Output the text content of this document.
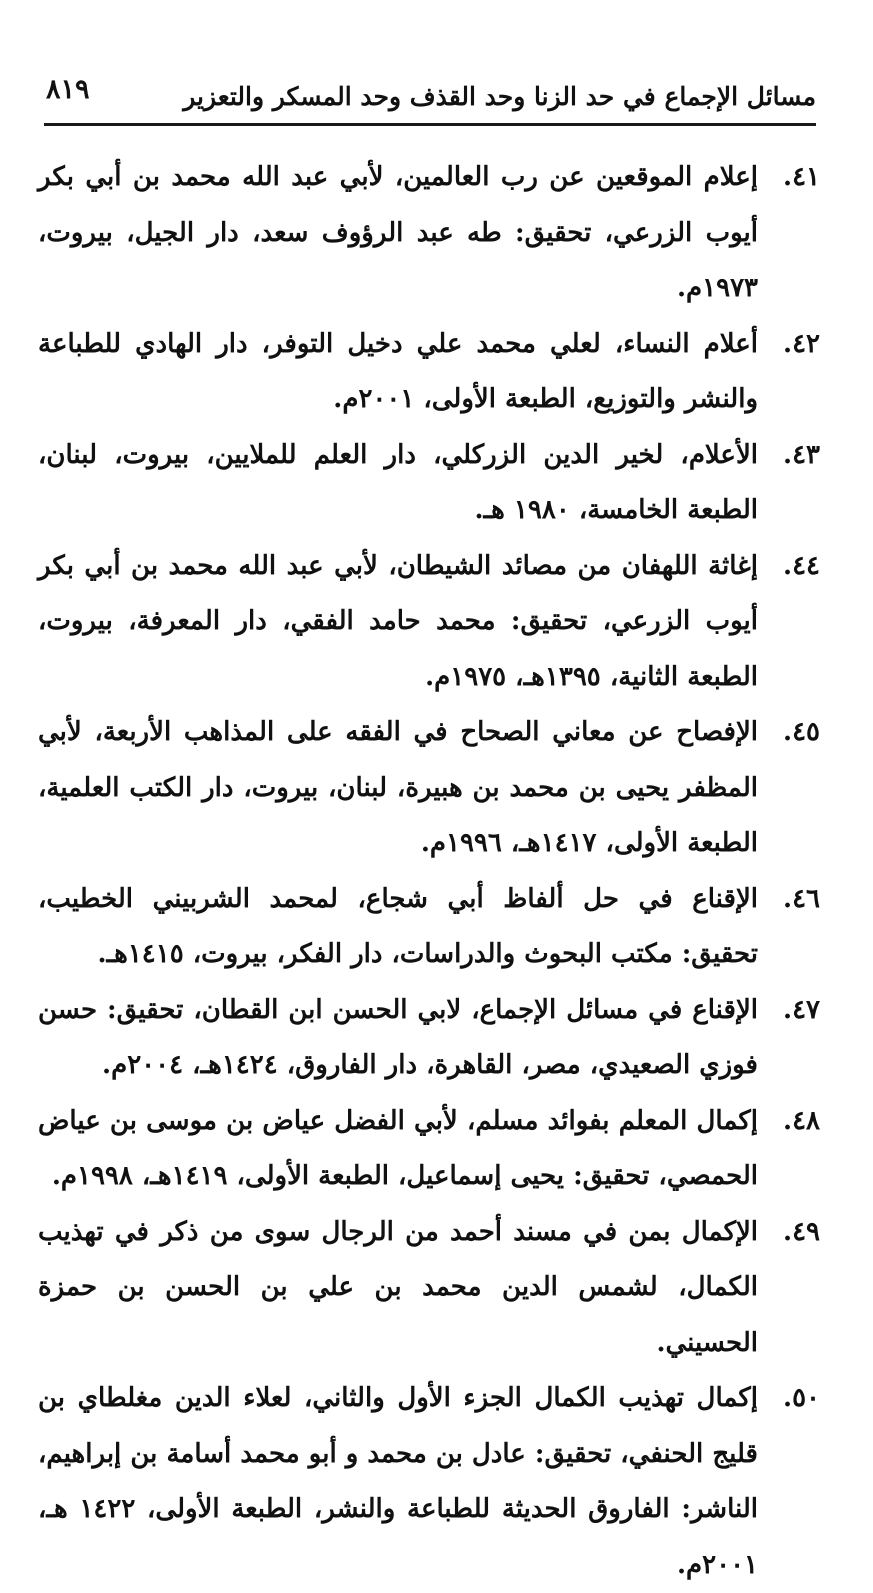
مسائل الإجماع في حد الزنا وحد القذف وحد المسكر والتعزير
٨١٩
٤١.
إعلام الموقعين عن رب العالمين، لأبي عبد الله محمد بن أبي بكر أيوب الزرعي، تحقيق: طه عبد الرؤوف سعد، دار الجيل، بيروت، ١٩٧٣م.
٤٢.
أعلام النساء، لعلي محمد علي دخيل التوفر، دار الهادي للطباعة والنشر والتوزيع، الطبعة الأولى، ٢٠٠١م.
٤٣.
الأعلام، لخير الدين الزركلي، دار العلم للملايين، بيروت، لبنان، الطبعة الخامسة، ١٩٨٠ هـ.
٤٤.
إغاثة اللهفان من مصائد الشيطان، لأبي عبد الله محمد بن أبي بكر أيوب الزرعي، تحقيق: محمد حامد الفقي، دار المعرفة، بيروت، الطبعة الثانية، ١٣٩٥هـ، ١٩٧٥م.
٤٥.
الإفصاح عن معاني الصحاح في الفقه على المذاهب الأربعة، لأبي المظفر يحيى بن محمد بن هبيرة، لبنان، بيروت، دار الكتب العلمية، الطبعة الأولى، ١٤١٧هـ، ١٩٩٦م.
٤٦.
الإقناع في حل ألفاظ أبي شجاع، لمحمد الشربيني الخطيب، تحقيق: مكتب البحوث والدراسات، دار الفكر، بيروت، ١٤١٥هـ.
٤٧.
الإقناع في مسائل الإجماع، لابي الحسن ابن القطان، تحقيق: حسن فوزي الصعيدي، مصر، القاهرة، دار الفاروق، ١٤٢٤هـ، ٢٠٠٤م.
٤٨.
إكمال المعلم بفوائد مسلم، لأبي الفضل عياض بن موسى بن عياض الحمصي، تحقيق: يحيى إسماعيل، الطبعة الأولى، ١٤١٩هـ، ١٩٩٨م.
٤٩.
الإكمال بمن في مسند أحمد من الرجال سوى من ذكر في تهذيب الكمال، لشمس الدين محمد بن علي بن الحسن بن حمزة الحسيني.
٥٠.
إكمال تهذيب الكمال الجزء الأول والثاني، لعلاء الدين مغلطاي بن قليج الحنفي، تحقيق: عادل بن محمد و أبو محمد أسامة بن إبراهيم، الناشر: الفاروق الحديثة للطباعة والنشر، الطبعة الأولى، ١٤٢٢ هـ، ٢٠٠١م.
